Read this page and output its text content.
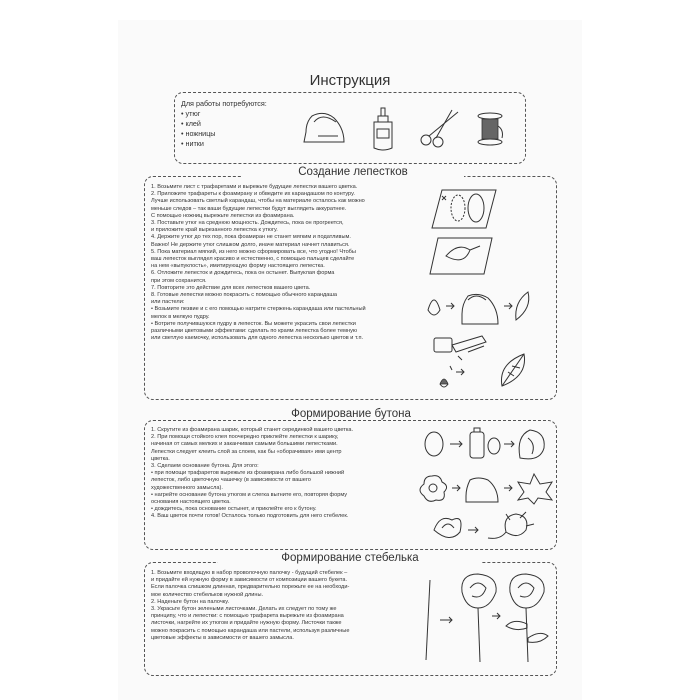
Инструкция
Для работы потребуются:
• утюг
• клей
• ножницы
• нитки
Создание лепестков

1. Возьмите лист с трафаретами и вырежьте будущие лепестки вашего цветка.

2. Приложите трафареты к фоамирану и обведите их карандашом по контуру.

Лучше использовать светлый карандаш, чтобы на материале осталось как можно

меньше следов – так ваши будущие лепестки будут выглядеть аккуратнее.

С помощью ножниц вырежьте лепестки из фоамирана.

3. Поставьте утюг на среднюю мощность. Дождитесь, пока он прогреется,

и приложите край вырезанного лепестка к утюгу.

4. Держите утюг до тех пор, пока фоамиран не станет мягким и податливым.

Важно! Не держите утюг слишком долго, иначе материал начнет плавиться.

5. Пока материал мягкий, из него можно сформировать все, что угодно! Чтобы

ваш лепесток выглядел красиво и естественно, с помощью пальцев сделайте

на нем «выпуклость», имитирующую форму настоящего лепестка.

6. Отложите лепесток и дождитесь, пока он остынет. Выпуклая форма

при этом сохранится.

7. Повторите это действие для всех лепестков вашего цвета.

8. Готовые лепестки можно покрасить с помощью обычного карандаша

или пастели:

• Возьмите пезвие и с его помощью натрите стержень карандаша или пастельный

мелок в мелкую пудру.

• Вотрите получившуюся пудру в лепесток. Вы можете украсить свои лепестки

различными цветовыми эффектами: сделать по краям лепестка более темную

или светлую каемочку, использовать для одного лепестка несколько цветов и т.п.

Формирование бутона

1. Скрутите из фоамирана шарик, который станет серединкой вашего цветка.

2. При помощи стойкого клея поочередно приклейте лепестки к шарику,

начиная от самых мелких и заканчивая самыми большими лепестками.

Лепестки следует клеить слой за слоем, как бы «оборачивая» ими центр

цветка.

3. Сделаем основание бутона. Для этого:

• при помощи трафаретов вырежьте из фоамирана либо большой нижний

лепесток, либо цветочную чашечку (в зависимости от вашего

художественного замысла).

• нагрейте основание бутона утюгом и слегка выгните его, повторяя форму

основания настоящего цветка.

• дождитесь, пока основание остынет, и приклейте его к бутону.

4. Ваш цветок почти готов! Осталось только подготовить для него стебелек.

Формирование стебелька

1. Возьмите входящую в набор проволочную палочку - будущий стебелек –

и придайте ей нужную форму в зависимости от композиции вашего букета.

Если палочка слишком длинная, предварительно порежьте ее на необходи-

мое количество стебельков нужной длины.

2. Наденьте бутон на палочку.

3. Украсьте бутон зелеными листочками. Делать их следует по тому же

принципу, что и лепестки: с помощью трафарета вырежьте из фоамирана

листочки, нагрейте их утюгом и придайте нужную форму. Листочки также

можно покрасить с помощью карандаша или пастели, используя различные

цветовые эффекты в зависимости от вашего замысла.
